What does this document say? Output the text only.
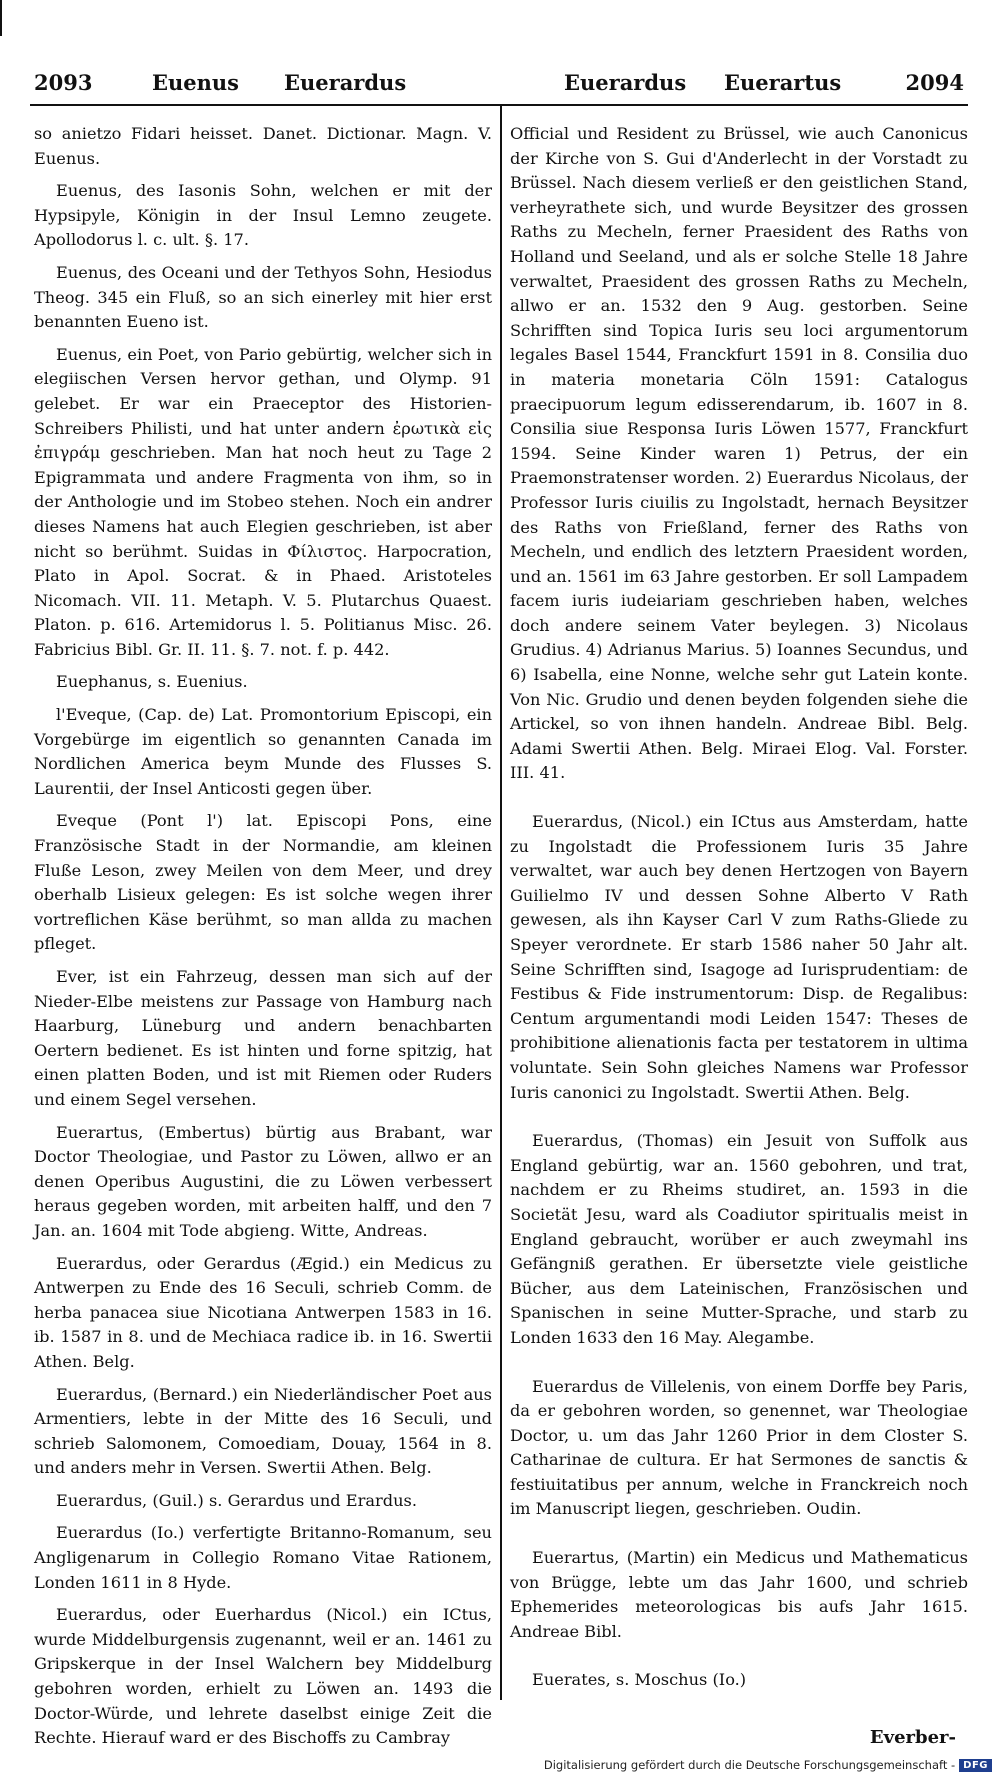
2093	Euenus Euerardus	Euerardus Euerartus	2094

so anietzo Fidari heisset. Danet. Dictionar. Magn. V. Euenus.

Euenus, des Iasonis Sohn, welchen er mit der Hypsipyle, Königin in der Insul Lemno zeugete. Apollodorus l. c. ult. §. 17.

Euenus, des Oceani und der Tethyos Sohn, Hesiodus Theog. 345 ein Fluß, so an sich einerley mit hier erst benannten Eueno ist.

Euenus, ein Poet, von Pario gebürtig, welcher sich in elegiischen Versen hervor gethan, und Olymp. 91 gelebet. Er war ein Praeceptor des Historien-Schreibers Philisti, und hat unter andern ἐρωτικὰ εἰς ἐπιγράμ geschrieben. Man hat noch heut zu Tage 2 Epigrammata und andere Fragmenta von ihm, so in der Anthologie und im Stobeo stehen. Noch ein andrer dieses Namens hat auch Elegien geschrieben, ist aber nicht so berühmt. Suidas in Φίλιστος. Harpocration, Plato in Apol. Socrat. & in Phaed. Aristoteles Nicomach. VII. 11. Metaph. V. 5. Plutarchus Quaest. Platon. p. 616. Artemidorus l. 5. Politianus Misc. 26. Fabricius Bibl. Gr. II. 11. §. 7. not. f. p. 442.

Euephanus, s. Euenius.

l'Eveque, (Cap. de) Lat. Promontorium Episcopi, ein Vorgebürge im eigentlich so genannten Canada im Nordlichen America beym Munde des Flusses S. Laurentii, der Insel Anticosti gegen über.

Eveque (Pont l') lat. Episcopi Pons, eine Französische Stadt in der Normandie, am kleinen Fluße Leson, zwey Meilen von dem Meer, und drey oberhalb Lisieux gelegen: Es ist solche wegen ihrer vortreflichen Käse berühmt, so man allda zu machen pfleget.

Ever, ist ein Fahrzeug, dessen man sich auf der Nieder-Elbe meistens zur Passage von Hamburg nach Haarburg, Lüneburg und andern benachbarten Oertern bedienet. Es ist hinten und forne spitzig, hat einen platten Boden, und ist mit Riemen oder Ruders und einem Segel versehen.

Euerartus, (Embertus) bürtig aus Brabant, war Doctor Theologiae, und Pastor zu Löwen, allwo er an denen Operibus Augustini, die zu Löwen verbessert heraus gegeben worden, mit arbeiten halff, und den 7 Jan. an. 1604 mit Tode abgieng. Witte, Andreas.

Euerardus, oder Gerardus (Ægid.) ein Medicus zu Antwerpen zu Ende des 16 Seculi, schrieb Comm. de herba panacea siue Nicotiana Antwerpen 1583 in 16. ib. 1587 in 8. und de Mechiaca radice ib. in 16. Swertii Athen. Belg.

Euerardus, (Bernard.) ein Niederländischer Poet aus Armentiers, lebte in der Mitte des 16 Seculi, und schrieb Salomonem, Comoediam, Douay, 1564 in 8. und anders mehr in Versen. Swertii Athen. Belg.

Euerardus, (Guil.) s. Gerardus und Erardus.

Euerardus (Io.) verfertigte Britanno-Romanum, seu Angligenarum in Collegio Romano Vitae Rationem, Londen 1611 in 8 Hyde.

Euerardus, oder Euerhardus (Nicol.) ein ICtus, wurde Middelburgensis zugenannt, weil er an. 1461 zu Gripskerque in der Insel Walchern bey Middelburg gebohren worden, erhielt zu Löwen an. 1493 die Doctor-Würde, und lehrete daselbst einige Zeit die Rechte. Hierauf ward er des Bischoffs zu Cambray

Official und Resident zu Brüssel, wie auch Canonicus der Kirche von S. Gui d'Anderlecht in der Vorstadt zu Brüssel. Nach diesem verließ er den geistlichen Stand, verheyrathete sich, und wurde Beysitzer des grossen Raths zu Mecheln, ferner Praesident des Raths von Holland und Seeland, und als er solche Stelle 18 Jahre verwaltet, Praesident des grossen Raths zu Mecheln, allwo er an. 1532 den 9 Aug. gestorben. Seine Schrifften sind Topica Iuris seu loci argumentorum legales Basel 1544, Franckfurt 1591 in 8. Consilia duo in materia monetaria Cöln 1591: Catalogus praecipuorum legum edisserendarum, ib. 1607 in 8. Consilia siue Responsa Iuris Löwen 1577, Franckfurt 1594. Seine Kinder waren 1) Petrus, der ein Praemonstratenser worden. 2) Euerardus Nicolaus, der Professor Iuris ciuilis zu Ingolstadt, hernach Beysitzer des Raths von Frießland, ferner des Raths von Mecheln, und endlich des letztern Praesident worden, und an. 1561 im 63 Jahre gestorben. Er soll Lampadem facem iuris iudeiariam geschrieben haben, welches doch andere seinem Vater beylegen. 3) Nicolaus Grudius. 4) Adrianus Marius. 5) Ioannes Secundus, und 6) Isabella, eine Nonne, welche sehr gut Latein konte. Von Nic. Grudio und denen beyden folgenden siehe die Artickel, so von ihnen handeln. Andreae Bibl. Belg. Adami Swertii Athen. Belg. Miraei Elog. Val. Forster. III. 41.

Euerardus, (Nicol.) ein ICtus aus Amsterdam, hatte zu Ingolstadt die Professionem Iuris 35 Jahre verwaltet, war auch bey denen Hertzogen von Bayern Guilielmo IV und dessen Sohne Alberto V Rath gewesen, als ihn Kayser Carl V zum Raths-Gliede zu Speyer verordnete. Er starb 1586 naher 50 Jahr alt. Seine Schrifften sind, Isagoge ad Iurisprudentiam: de Festibus & Fide instrumentorum: Disp. de Regalibus: Centum argumentandi modi Leiden 1547: Theses de prohibitione alienationis facta per testatorem in ultima voluntate. Sein Sohn gleiches Namens war Professor Iuris canonici zu Ingolstadt. Swertii Athen. Belg.

Euerardus, (Thomas) ein Jesuit von Suffolk aus England gebürtig, war an. 1560 gebohren, und trat, nachdem er zu Rheims studiret, an. 1593 in die Societät Jesu, ward als Coadiutor spiritualis meist in England gebraucht, worüber er auch zweymahl ins Gefängniß gerathen. Er übersetzte viele geistliche Bücher, aus dem Lateinischen, Französischen und Spanischen in seine Mutter-Sprache, und starb zu Londen 1633 den 16 May. Alegambe.

Euerardus de Villelenis, von einem Dorffe bey Paris, da er gebohren worden, so genennet, war Theologiae Doctor, u. um das Jahr 1260 Prior in dem Closter S. Catharinae de cultura. Er hat Sermones de sanctis & festiuitatibus per annum, welche in Franckreich noch im Manuscript liegen, geschrieben. Oudin.

Euerartus, (Martin) ein Medicus und Mathematicus von Brügge, lebte um das Jahr 1600, und schrieb Ephemerides meteorologicas bis aufs Jahr 1615. Andreae Bibl.

Euerates, s. Moschus (Io.)

Everber-
Digitalisierung gefördert durch die Deutsche Forschungsgemeinschaft - DFG
